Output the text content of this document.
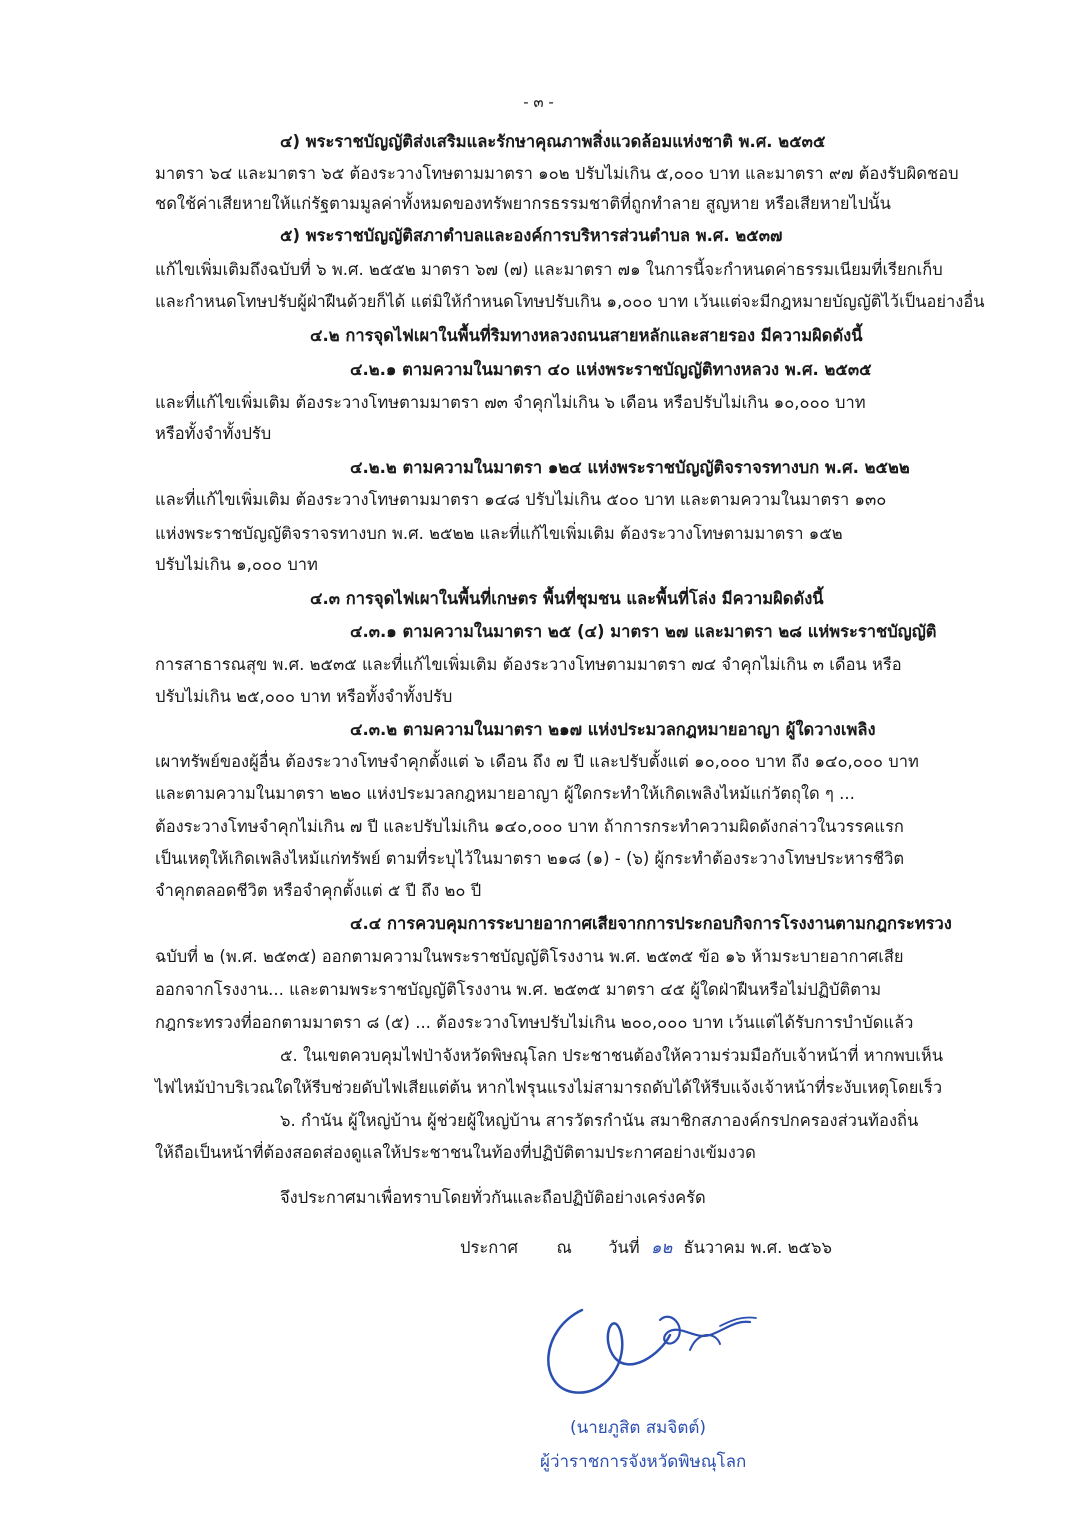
- ๓ -
๔) พระราชบัญญัติส่งเสริมและรักษาคุณภาพสิ่งแวดล้อมแห่งชาติ พ.ศ. ๒๕๓๕
มาตรา ๖๔ และมาตรา ๖๕ ต้องระวางโทษตามมาตรา ๑๐๒ ปรับไม่เกิน ๕,๐๐๐ บาท และมาตรา ๙๗ ต้องรับผิดชอบ
ชดใช้ค่าเสียหายให้แก่รัฐตามมูลค่าทั้งหมดของทรัพยากรธรรมชาติที่ถูกทำลาย สูญหาย หรือเสียหายไปนั้น
๕) พระราชบัญญัติสภาตำบลและองค์การบริหารส่วนตำบล พ.ศ. ๒๕๓๗
แก้ไขเพิ่มเติมถึงฉบับที่ ๖ พ.ศ. ๒๕๕๒ มาตรา ๖๗ (๗) และมาตรา ๗๑ ในการนี้จะกำหนดค่าธรรมเนียมที่เรียกเก็บ
และกำหนดโทษปรับผู้ฝ่าฝืนด้วยก็ได้ แต่มิให้กำหนดโทษปรับเกิน ๑,๐๐๐ บาท เว้นแต่จะมีกฎหมายบัญญัติไว้เป็นอย่างอื่น
๔.๒ การจุดไฟเผาในพื้นที่ริมทางหลวงถนนสายหลักและสายรอง มีความผิดดังนี้
๔.๒.๑ ตามความในมาตรา ๔๐ แห่งพระราชบัญญัติทางหลวง พ.ศ. ๒๕๓๕
และที่แก้ไขเพิ่มเติม ต้องระวางโทษตามมาตรา ๗๓ จำคุกไม่เกิน ๖ เดือน หรือปรับไม่เกิน ๑๐,๐๐๐ บาท
หรือทั้งจำทั้งปรับ
๔.๒.๒ ตามความในมาตรา ๑๒๔ แห่งพระราชบัญญัติจราจรทางบก พ.ศ. ๒๕๒๒
และที่แก้ไขเพิ่มเติม ต้องระวางโทษตามมาตรา ๑๔๘ ปรับไม่เกิน ๕๐๐ บาท และตามความในมาตรา ๑๓๐
แห่งพระราชบัญญัติจราจรทางบก พ.ศ. ๒๕๒๒ และที่แก้ไขเพิ่มเติม ต้องระวางโทษตามมาตรา ๑๕๒
ปรับไม่เกิน ๑,๐๐๐ บาท
๔.๓ การจุดไฟเผาในพื้นที่เกษตร พื้นที่ชุมชน และพื้นที่โล่ง มีความผิดดังนี้
๔.๓.๑ ตามความในมาตรา ๒๕ (๔) มาตรา ๒๗ และมาตรา ๒๘ แห่พระราชบัญญัติ
การสาธารณสุข พ.ศ. ๒๕๓๕ และที่แก้ไขเพิ่มเติม ต้องระวางโทษตามมาตรา ๗๔ จำคุกไม่เกิน ๓ เดือน หรือ
ปรับไม่เกิน ๒๕,๐๐๐ บาท หรือทั้งจำทั้งปรับ
๔.๓.๒ ตามความในมาตรา ๒๑๗ แห่งประมวลกฎหมายอาญา ผู้ใดวางเพลิง
เผาทรัพย์ของผู้อื่น ต้องระวางโทษจำคุกตั้งแต่ ๖ เดือน ถึง ๗ ปี และปรับตั้งแต่ ๑๐,๐๐๐ บาท ถึง ๑๔๐,๐๐๐ บาท
และตามความในมาตรา ๒๒๐ แห่งประมวลกฎหมายอาญา ผู้ใดกระทำให้เกิดเพลิงไหม้แก่วัตถุใด ๆ ...
ต้องระวางโทษจำคุกไม่เกิน ๗ ปี และปรับไม่เกิน ๑๔๐,๐๐๐ บาท ถ้าการกระทำความผิดดังกล่าวในวรรคแรก
เป็นเหตุให้เกิดเพลิงไหม้แก่ทรัพย์ ตามที่ระบุไว้ในมาตรา ๒๑๘ (๑) - (๖) ผู้กระทำต้องระวางโทษประหารชีวิต
จำคุกตลอดชีวิต หรือจำคุกตั้งแต่ ๕ ปี ถึง ๒๐ ปี
๔.๔ การควบคุมการระบายอากาศเสียจากการประกอบกิจการโรงงานตามกฎกระทรวง
ฉบับที่ ๒ (พ.ศ. ๒๕๓๕) ออกตามความในพระราชบัญญัติโรงงาน พ.ศ. ๒๕๓๕ ข้อ ๑๖ ห้ามระบายอากาศเสีย
ออกจากโรงงาน... และตามพระราชบัญญัติโรงงาน พ.ศ. ๒๕๓๕ มาตรา ๔๕ ผู้ใดฝ่าฝืนหรือไม่ปฏิบัติตาม
กฎกระทรวงที่ออกตามมาตรา ๘ (๕) ... ต้องระวางโทษปรับไม่เกิน ๒๐๐,๐๐๐ บาท เว้นแต่ได้รับการบำบัดแล้ว
๕. ในเขตควบคุมไฟป่าจังหวัดพิษณุโลก ประชาชนต้องให้ความร่วมมือกับเจ้าหน้าที่ หากพบเห็น
ไฟไหม้ป่าบริเวณใดให้รีบช่วยดับไฟเสียแต่ต้น หากไฟรุนแรงไม่สามารถดับได้ให้รีบแจ้งเจ้าหน้าที่ระงับเหตุโดยเร็ว
๖. กำนัน ผู้ใหญ่บ้าน ผู้ช่วยผู้ใหญ่บ้าน สารวัตรกำนัน สมาชิกสภาองค์กรปกครองส่วนท้องถิ่น
ให้ถือเป็นหน้าที่ต้องสอดส่องดูแลให้ประชาชนในท้องที่ปฏิบัติตามประกาศอย่างเข้มงวด
จึงประกาศมาเพื่อทราบโดยทั่วกันและถือปฏิบัติอย่างเคร่งครัด
ประกาศ ณ วันที่ ๑๒ ธันวาคม พ.ศ. ๒๕๖๖
(นายภูสิต สมจิตต์)
ผู้ว่าราชการจังหวัดพิษณุโลก
